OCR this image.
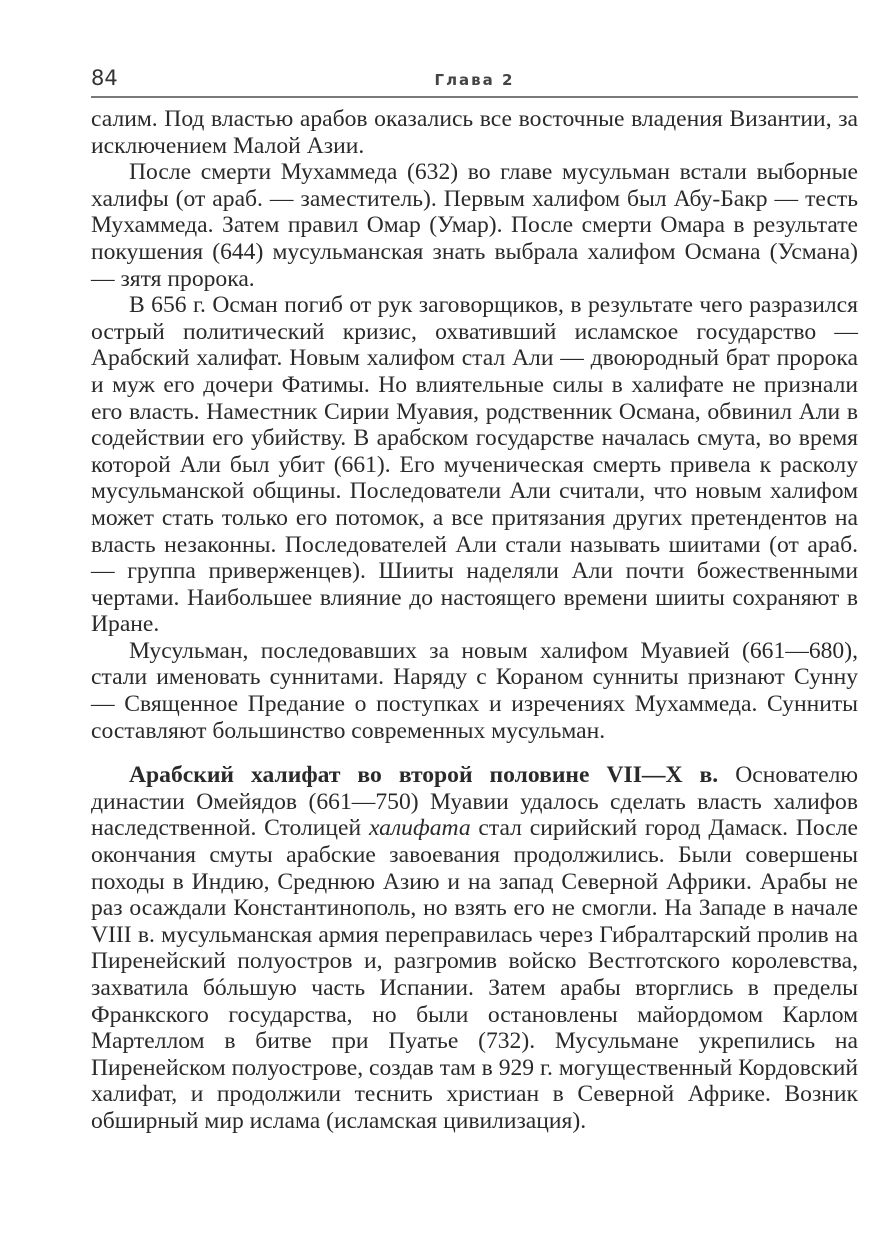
84	Глава 2

салим. Под властью арабов оказались все восточные владения Византии, за исключением Малой Азии.

После смерти Мухаммеда (632) во главе мусульман встали выборные халифы (от араб. — заместитель). Первым халифом был Абу-Бакр — тесть Мухаммеда. Затем правил Омар (Умар). После смерти Омара в результате покушения (644) мусульманская знать выбрала халифом Османа (Усмана) — зятя пророка.

В 656 г. Осман погиб от рук заговорщиков, в результате чего разразился острый политический кризис, охвативший исламское государство — Арабский халифат. Новым халифом стал Али — двоюродный брат пророка и муж его дочери Фатимы. Но влиятельные силы в халифате не признали его власть. Наместник Сирии Муавия, родственник Османа, обвинил Али в содействии его убийству. В арабском государстве началась смута, во время которой Али был убит (661). Его мученическая смерть привела к расколу мусульманской общины. Последователи Али считали, что новым халифом может стать только его потомок, а все притязания других претендентов на власть незаконны. Последователей Али стали называть шиитами (от араб. — группа приверженцев). Шииты наделяли Али почти божественными чертами. Наибольшее влияние до настоящего времени шииты сохраняют в Иране.

Мусульман, последовавших за новым халифом Муавией (661—680), стали именовать суннитами. Наряду с Кораном сунниты признают Сунну — Священное Предание о поступках и изречениях Мухаммеда. Сунниты составляют большинство современных мусульман.

Арабский халифат во второй половине VII—X в. Основателю династии Омейядов (661—750) Муавии удалось сделать власть халифов наследственной. Столицей халифата стал сирийский город Дамаск. После окончания смуты арабские завоевания продолжились. Были совершены походы в Индию, Среднюю Азию и на запад Северной Африки. Арабы не раз осаждали Константинополь, но взять его не смогли. На Западе в начале VIII в. мусульманская армия переправилась через Гибралтарский пролив на Пиренейский полуостров и, разгромив войско Вестготского королевства, захватила бóльшую часть Испании. Затем арабы вторглись в пределы Франкского государства, но были остановлены майордомом Карлом Мартеллом в битве при Пуатье (732). Мусульмане укрепились на Пиренейском полуострове, создав там в 929 г. могущественный Кордовский халифат, и продолжили теснить христиан в Северной Африке. Возник обширный мир ислама (исламская цивилизация).
